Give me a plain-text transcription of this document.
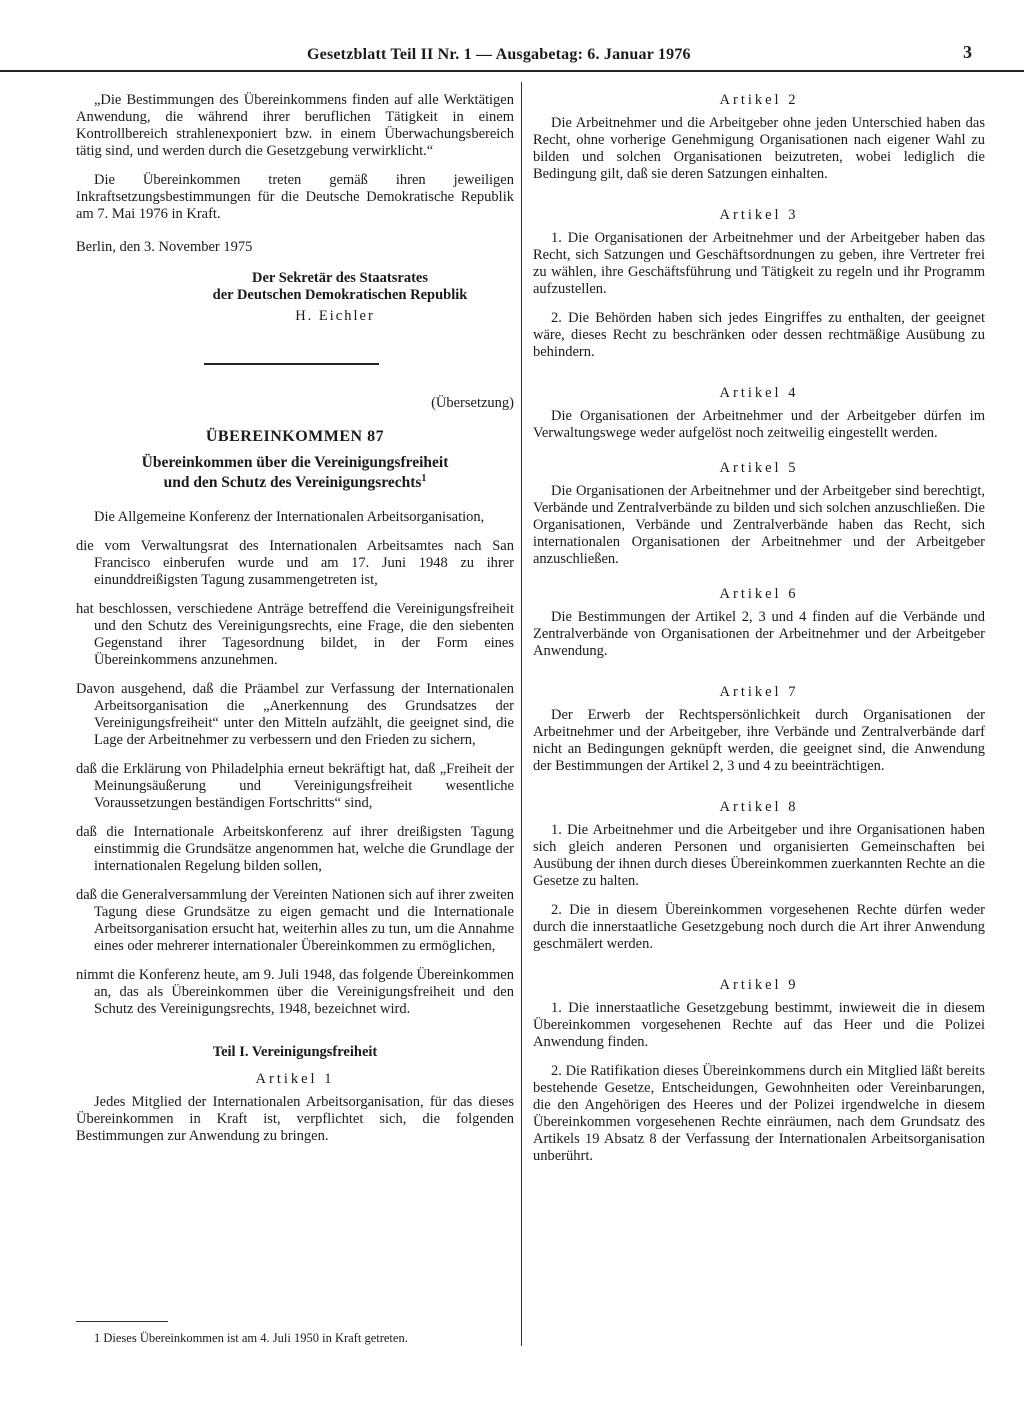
Gesetzblatt Teil II Nr. 1 — Ausgabetag: 6. Januar 1976	3

„Die Bestimmungen des Übereinkommens finden auf alle Werktätigen Anwendung, die während ihrer beruflichen Tätigkeit in einem Kontrollbereich strahlenexponiert bzw. in einem Überwachungsbereich tätig sind, und werden durch die Gesetzgebung verwirklicht.“

Die Übereinkommen treten gemäß ihren jeweiligen Inkraftsetzungsbestimmungen für die Deutsche Demokratische Republik am 7. Mai 1976 in Kraft.

Berlin, den 3. November 1975

Der Sekretär des Staatsrates

der Deutschen Demokratischen Republik

H. Eichler

(Übersetzung)

ÜBEREINKOMMEN 87

Übereinkommen über die Vereinigungsfreiheit
und den Schutz des Vereinigungsrechts$^1$

Die Allgemeine Konferenz der Internationalen Arbeitsorganisation,

die vom Verwaltungsrat des Internationalen Arbeitsamtes nach San Francisco einberufen wurde und am 17. Juni 1948 zu ihrer einunddreißigsten Tagung zusammengetreten ist,

hat beschlossen, verschiedene Anträge betreffend die Vereinigungsfreiheit und den Schutz des Vereinigungsrechts, eine Frage, die den siebenten Gegenstand ihrer Tagesordnung bildet, in der Form eines Übereinkommens anzunehmen.

Davon ausgehend, daß die Präambel zur Verfassung der Internationalen Arbeitsorganisation die „Anerkennung des Grundsatzes der Vereinigungsfreiheit“ unter den Mitteln aufzählt, die geeignet sind, die Lage der Arbeitnehmer zu verbessern und den Frieden zu sichern,

daß die Erklärung von Philadelphia erneut bekräftigt hat, daß „Freiheit der Meinungsäußerung und Vereinigungsfreiheit wesentliche Voraussetzungen beständigen Fortschritts“ sind,

daß die Internationale Arbeitskonferenz auf ihrer dreißigsten Tagung einstimmig die Grundsätze angenommen hat, welche die Grundlage der internationalen Regelung bilden sollen,

daß die Generalversammlung der Vereinten Nationen sich auf ihrer zweiten Tagung diese Grundsätze zu eigen gemacht und die Internationale Arbeitsorganisation ersucht hat, weiterhin alles zu tun, um die Annahme eines oder mehrerer internationaler Übereinkommen zu ermöglichen,

nimmt die Konferenz heute, am 9. Juli 1948, das folgende Übereinkommen an, das als Übereinkommen über die Vereinigungsfreiheit und den Schutz des Vereinigungsrechts, 1948, bezeichnet wird.

Teil I. Vereinigungsfreiheit

Artikel 1

Jedes Mitglied der Internationalen Arbeitsorganisation, für das dieses Übereinkommen in Kraft ist, verpflichtet sich, die folgenden Bestimmungen zur Anwendung zu bringen.

1 Dieses Übereinkommen ist am 4. Juli 1950 in Kraft getreten.

Artikel 2

Die Arbeitnehmer und die Arbeitgeber ohne jeden Unterschied haben das Recht, ohne vorherige Genehmigung Organisationen nach eigener Wahl zu bilden und solchen Organisationen beizutreten, wobei lediglich die Bedingung gilt, daß sie deren Satzungen einhalten.

Artikel 3

1. Die Organisationen der Arbeitnehmer und der Arbeitgeber haben das Recht, sich Satzungen und Geschäftsordnungen zu geben, ihre Vertreter frei zu wählen, ihre Geschäftsführung und Tätigkeit zu regeln und ihr Programm aufzustellen.

2. Die Behörden haben sich jedes Eingriffes zu enthalten, der geeignet wäre, dieses Recht zu beschränken oder dessen rechtmäßige Ausübung zu behindern.

Artikel 4

Die Organisationen der Arbeitnehmer und der Arbeitgeber dürfen im Verwaltungswege weder aufgelöst noch zeitweilig eingestellt werden.

Artikel 5

Die Organisationen der Arbeitnehmer und der Arbeitgeber sind berechtigt, Verbände und Zentralverbände zu bilden und sich solchen anzuschließen. Die Organisationen, Verbände und Zentralverbände haben das Recht, sich internationalen Organisationen der Arbeitnehmer und der Arbeitgeber anzuschließen.

Artikel 6

Die Bestimmungen der Artikel 2, 3 und 4 finden auf die Verbände und Zentralverbände von Organisationen der Arbeitnehmer und der Arbeitgeber Anwendung.

Artikel 7

Der Erwerb der Rechtspersönlichkeit durch Organisationen der Arbeitnehmer und der Arbeitgeber, ihre Verbände und Zentralverbände darf nicht an Bedingungen geknüpft werden, die geeignet sind, die Anwendung der Bestimmungen der Artikel 2, 3 und 4 zu beeinträchtigen.

Artikel 8

1. Die Arbeitnehmer und die Arbeitgeber und ihre Organisationen haben sich gleich anderen Personen und organisierten Gemeinschaften bei Ausübung der ihnen durch dieses Übereinkommen zuerkannten Rechte an die Gesetze zu halten.

2. Die in diesem Übereinkommen vorgesehenen Rechte dürfen weder durch die innerstaatliche Gesetzgebung noch durch die Art ihrer Anwendung geschmälert werden.

Artikel 9

1. Die innerstaatliche Gesetzgebung bestimmt, inwieweit die in diesem Übereinkommen vorgesehenen Rechte auf das Heer und die Polizei Anwendung finden.

2. Die Ratifikation dieses Übereinkommens durch ein Mitglied läßt bereits bestehende Gesetze, Entscheidungen, Gewohnheiten oder Vereinbarungen, die den Angehörigen des Heeres und der Polizei irgendwelche in diesem Übereinkommen vorgesehenen Rechte einräumen, nach dem Grundsatz des Artikels 19 Absatz 8 der Verfassung der Internationalen Arbeitsorganisation unberührt.
